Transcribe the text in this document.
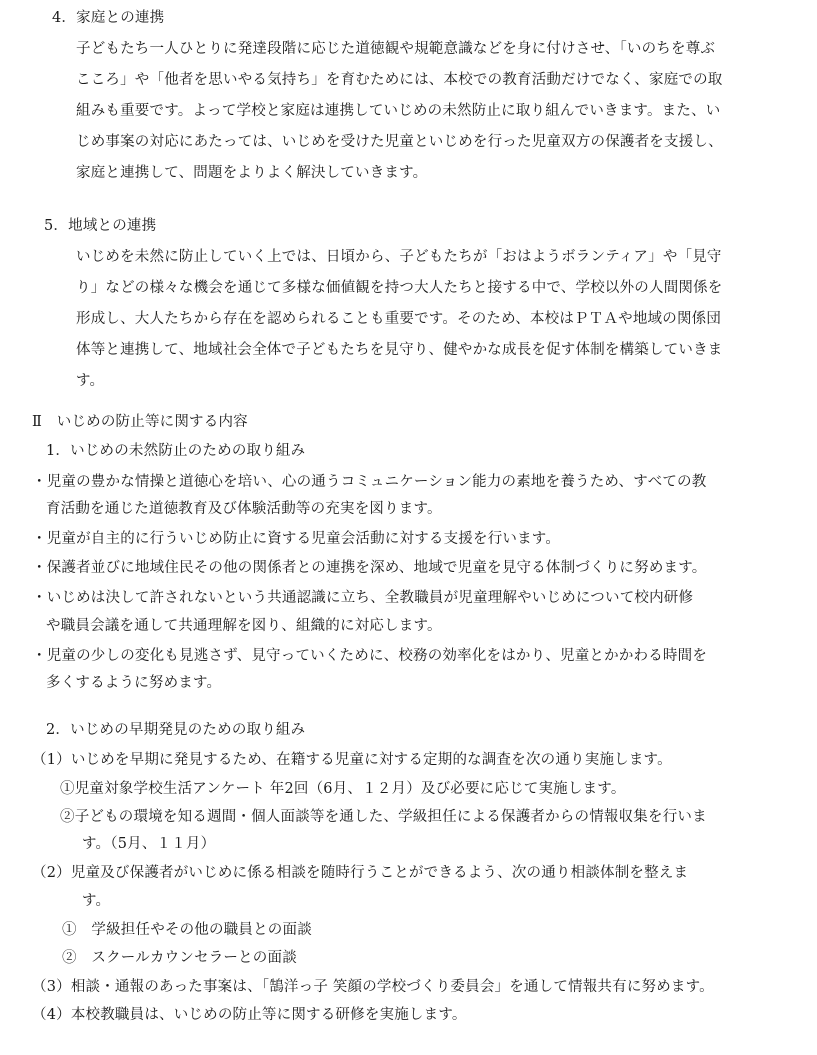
4．家庭との連携
子どもたち一人ひとりに発達段階に応じた道徳観や規範意識などを身に付けさせ、「いのちを尊ぶ
こころ」や「他者を思いやる気持ち」を育むためには、本校での教育活動だけでなく、家庭での取
組みも重要です。よって学校と家庭は連携していじめの未然防止に取り組んでいきます。また、い
じめ事案の対応にあたっては、いじめを受けた児童といじめを行った児童双方の保護者を支援し、
家庭と連携して、問題をよりよく解決していきます。
5．地域との連携
いじめを未然に防止していく上では、日頃から、子どもたちが「おはようボランティア」や「見守
り」などの様々な機会を通じて多様な価値観を持つ大人たちと接する中で、学校以外の人間関係を
形成し、大人たちから存在を認められることも重要です。そのため、本校はＰＴＡや地域の関係団
体等と連携して、地域社会全体で子どもたちを見守り、健やかな成長を促す体制を構築していきま
す。
Ⅱ　いじめの防止等に関する内容
1．いじめの未然防止のための取り組み
・児童の豊かな情操と道徳心を培い、心の通うコミュニケーション能力の素地を養うため、すべての教
育活動を通じた道徳教育及び体験活動等の充実を図ります。
・児童が自主的に行ういじめ防止に資する児童会活動に対する支援を行います。
・保護者並びに地域住民その他の関係者との連携を深め、地域で児童を見守る体制づくりに努めます。
・いじめは決して許されないという共通認識に立ち、全教職員が児童理解やいじめについて校内研修
や職員会議を通して共通理解を図り、組織的に対応します。
・児童の少しの変化も見逃さず、見守っていくために、校務の効率化をはかり、児童とかかわる時間を
多くするように努めます。
2．いじめの早期発見のための取り組み
（1）いじめを早期に発見するため、在籍する児童に対する定期的な調査を次の通り実施します。
①児童対象学校生活アンケート 年2回（6月、１２月）及び必要に応じて実施します。
②子どもの環境を知る週間・個人面談等を通した、学級担任による保護者からの情報収集を行いま
す。（5月、１１月）
（2）児童及び保護者がいじめに係る相談を随時行うことができるよう、次の通り相談体制を整えま
す。
①　学級担任やその他の職員との面談
②　スクールカウンセラーとの面談
（3）相談・通報のあった事案は、「鵠洋っ子 笑顔の学校づくり委員会」を通して情報共有に努めます。
（4）本校教職員は、いじめの防止等に関する研修を実施します。
